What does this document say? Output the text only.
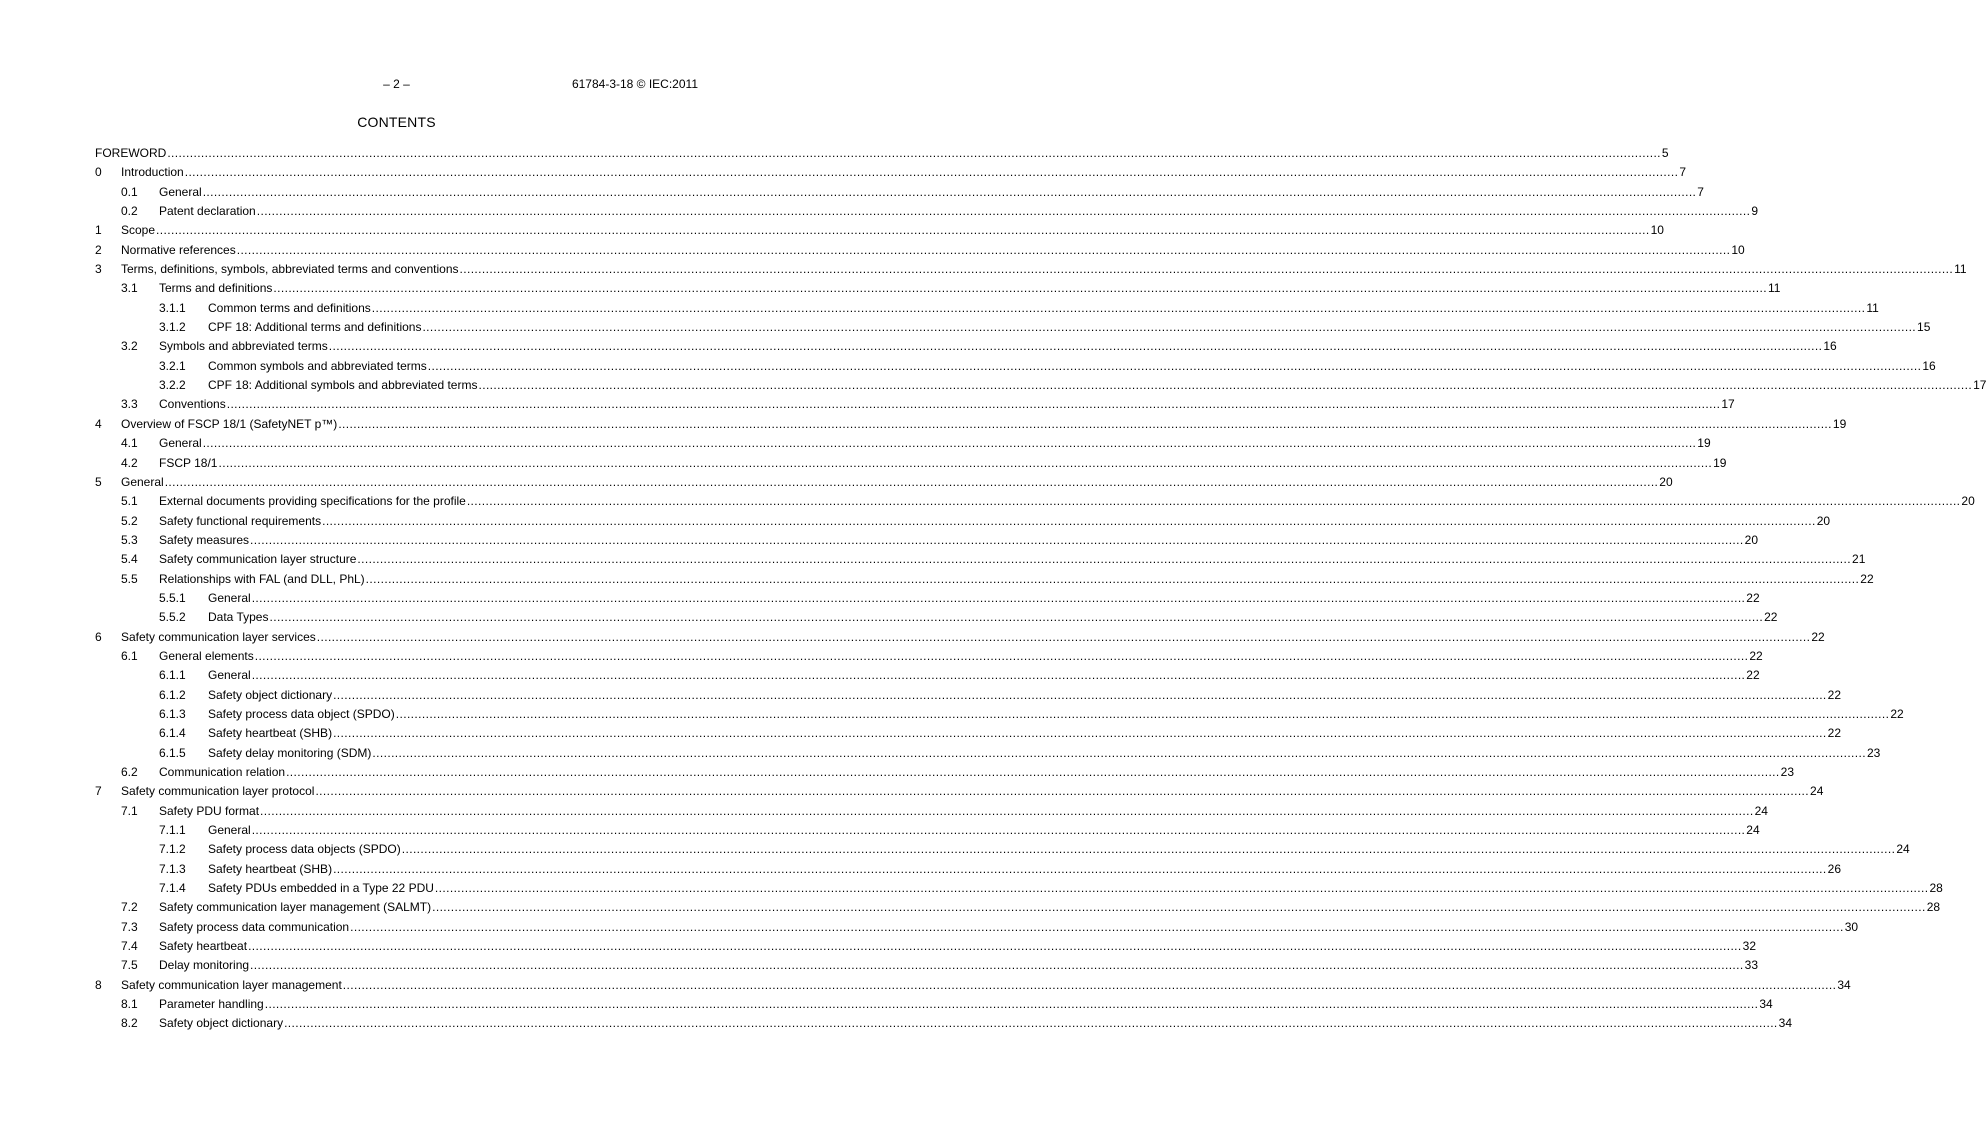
– 2 –	61784-3-18 © IEC:2011
CONTENTS
FOREWORD ................................................................................................................................................................................................................................................................................................................................................................................................................ 5
0 Introduction ................................................................................................................................................................................................................................................................................................................................................................................................................ 7
0.1 General ................................................................................................................................................................................................................................................................................................................................................................................................................ 7
0.2 Patent declaration ................................................................................................................................................................................................................................................................................................................................................................................................................ 9
1 Scope ................................................................................................................................................................................................................................................................................................................................................................................................................ 10
2 Normative references ................................................................................................................................................................................................................................................................................................................................................................................................................ 10
3 Terms, definitions, symbols, abbreviated terms and conventions ................................................................................................................................................................................................................................................................................................................................................................................................................ 11
3.1 Terms and definitions ................................................................................................................................................................................................................................................................................................................................................................................................................ 11
3.1.1 Common terms and definitions ................................................................................................................................................................................................................................................................................................................................................................................................................ 11
3.1.2 CPF 18: Additional terms and definitions ................................................................................................................................................................................................................................................................................................................................................................................................................ 15
3.2 Symbols and abbreviated terms ................................................................................................................................................................................................................................................................................................................................................................................................................ 16
3.2.1 Common symbols and abbreviated terms ................................................................................................................................................................................................................................................................................................................................................................................................................ 16
3.2.2 CPF 18: Additional symbols and abbreviated terms ................................................................................................................................................................................................................................................................................................................................................................................................................ 17
3.3 Conventions ................................................................................................................................................................................................................................................................................................................................................................................................................ 17
4 Overview of FSCP 18/1 (SafetyNET p™) ................................................................................................................................................................................................................................................................................................................................................................................................................ 19
4.1 General ................................................................................................................................................................................................................................................................................................................................................................................................................ 19
4.2 FSCP 18/1 ................................................................................................................................................................................................................................................................................................................................................................................................................ 19
5 General ................................................................................................................................................................................................................................................................................................................................................................................................................ 20
5.1 External documents providing specifications for the profile ................................................................................................................................................................................................................................................................................................................................................................................................................ 20
5.2 Safety functional requirements ................................................................................................................................................................................................................................................................................................................................................................................................................ 20
5.3 Safety measures ................................................................................................................................................................................................................................................................................................................................................................................................................ 20
5.4 Safety communication layer structure ................................................................................................................................................................................................................................................................................................................................................................................................................ 21
5.5 Relationships with FAL (and DLL, PhL) ................................................................................................................................................................................................................................................................................................................................................................................................................ 22
5.5.1 General ................................................................................................................................................................................................................................................................................................................................................................................................................ 22
5.5.2 Data Types ................................................................................................................................................................................................................................................................................................................................................................................................................ 22
6 Safety communication layer services ................................................................................................................................................................................................................................................................................................................................................................................................................ 22
6.1 General elements ................................................................................................................................................................................................................................................................................................................................................................................................................ 22
6.1.1 General ................................................................................................................................................................................................................................................................................................................................................................................................................ 22
6.1.2 Safety object dictionary ................................................................................................................................................................................................................................................................................................................................................................................................................ 22
6.1.3 Safety process data object (SPDO) ................................................................................................................................................................................................................................................................................................................................................................................................................ 22
6.1.4 Safety heartbeat (SHB) ................................................................................................................................................................................................................................................................................................................................................................................................................ 22
6.1.5 Safety delay monitoring (SDM) ................................................................................................................................................................................................................................................................................................................................................................................................................ 23
6.2 Communication relation ................................................................................................................................................................................................................................................................................................................................................................................................................ 23
7 Safety communication layer protocol ................................................................................................................................................................................................................................................................................................................................................................................................................ 24
7.1 Safety PDU format ................................................................................................................................................................................................................................................................................................................................................................................................................ 24
7.1.1 General ................................................................................................................................................................................................................................................................................................................................................................................................................ 24
7.1.2 Safety process data objects (SPDO) ................................................................................................................................................................................................................................................................................................................................................................................................................ 24
7.1.3 Safety heartbeat (SHB) ................................................................................................................................................................................................................................................................................................................................................................................................................ 26
7.1.4 Safety PDUs embedded in a Type 22 PDU ................................................................................................................................................................................................................................................................................................................................................................................................................ 28
7.2 Safety communication layer management (SALMT) ................................................................................................................................................................................................................................................................................................................................................................................................................ 28
7.3 Safety process data communication ................................................................................................................................................................................................................................................................................................................................................................................................................ 30
7.4 Safety heartbeat ................................................................................................................................................................................................................................................................................................................................................................................................................ 32
7.5 Delay monitoring ................................................................................................................................................................................................................................................................................................................................................................................................................ 33
8 Safety communication layer management ................................................................................................................................................................................................................................................................................................................................................................................................................ 34
8.1 Parameter handling ................................................................................................................................................................................................................................................................................................................................................................................................................ 34
8.2 Safety object dictionary ................................................................................................................................................................................................................................................................................................................................................................................................................ 34
